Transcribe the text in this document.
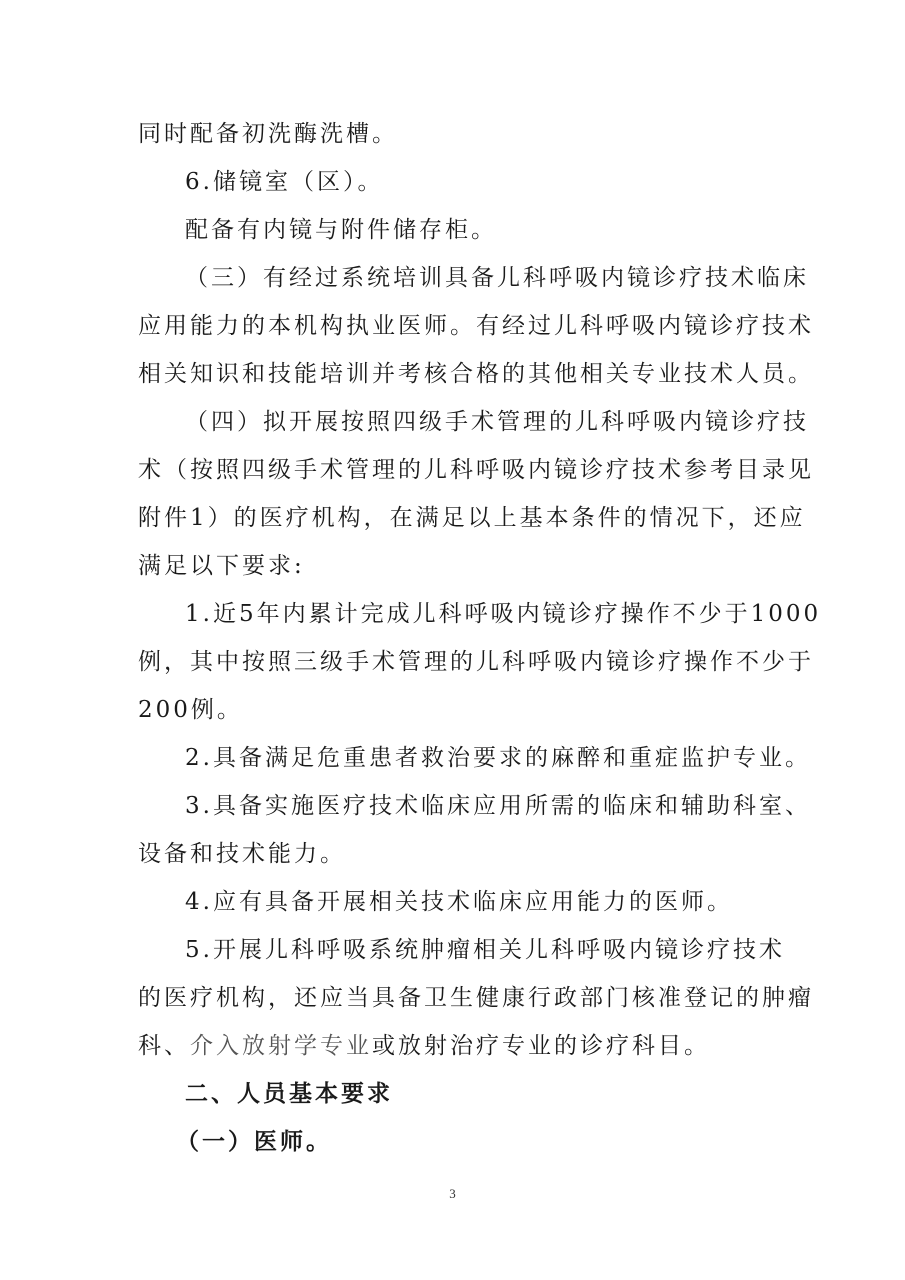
同时配备初洗酶洗槽。
6.储镜室（区）。
配备有内镜与附件储存柜。
（三）有经过系统培训具备儿科呼吸内镜诊疗技术临床
应用能力的本机构执业医师。有经过儿科呼吸内镜诊疗技术
相关知识和技能培训并考核合格的其他相关专业技术人员。
（四）拟开展按照四级手术管理的儿科呼吸内镜诊疗技
术（按照四级手术管理的儿科呼吸内镜诊疗技术参考目录见
附件1）的医疗机构，在满足以上基本条件的情况下，还应
满足以下要求:
1.近5年内累计完成儿科呼吸内镜诊疗操作不少于1000
例，其中按照三级手术管理的儿科呼吸内镜诊疗操作不少于
200例。
2.具备满足危重患者救治要求的麻醉和重症监护专业。
3.具备实施医疗技术临床应用所需的临床和辅助科室、
设备和技术能力。
4.应有具备开展相关技术临床应用能力的医师。
5.开展儿科呼吸系统肿瘤相关儿科呼吸内镜诊疗技术
的医疗机构，还应当具备卫生健康行政部门核准登记的肿瘤
科、介入放射学专业或放射治疗专业的诊疗科目。
二、人员基本要求
（一）医师。
3
